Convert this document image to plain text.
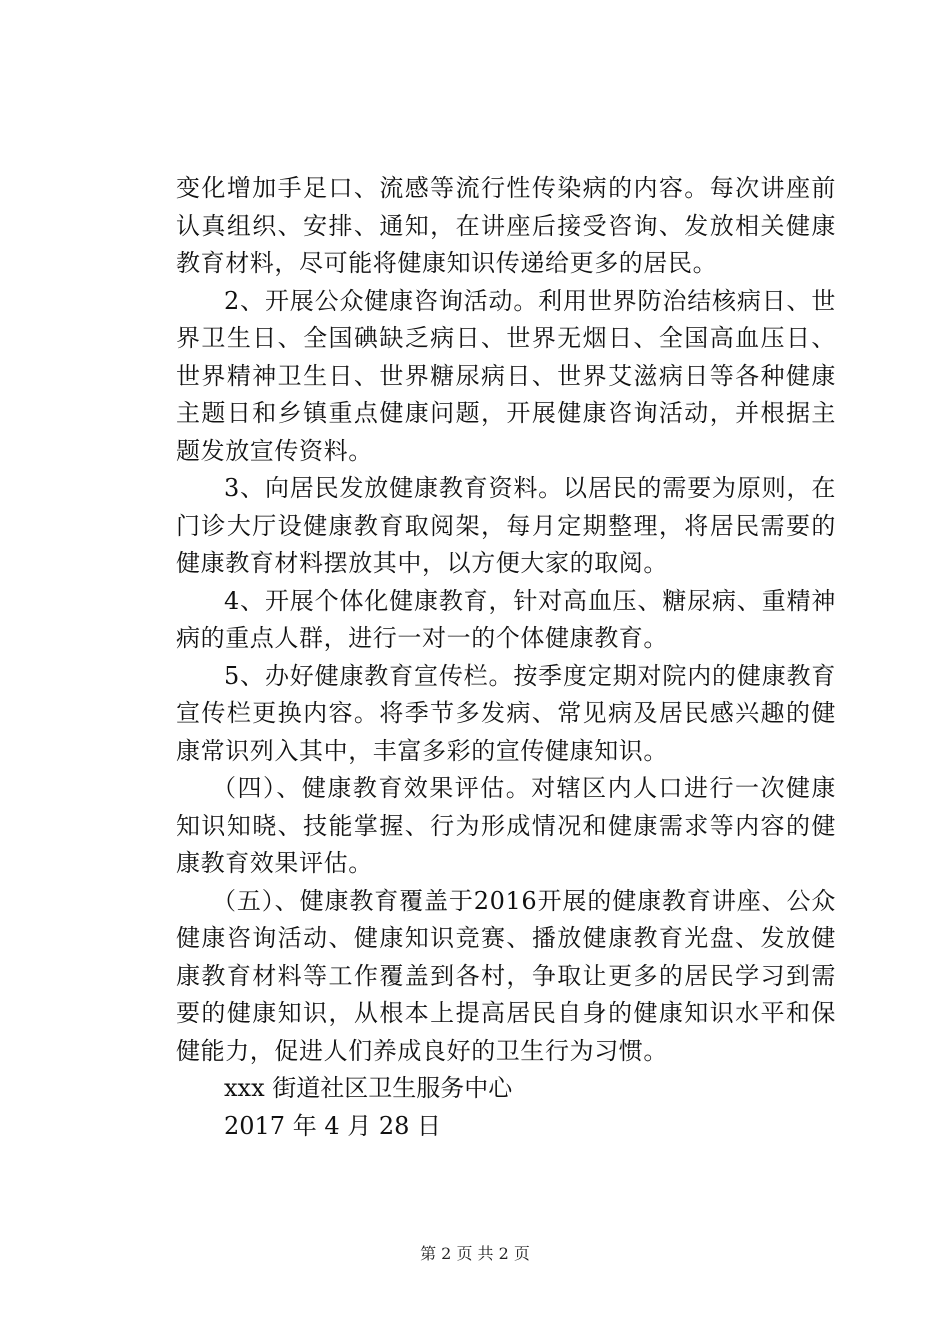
变化增加手足口、流感等流行性传染病的内容。每次讲座前认真组织、安排、通知，在讲座后接受咨询、发放相关健康教育材料，尽可能将健康知识传递给更多的居民。

2、开展公众健康咨询活动。利用世界防治结核病日、世界卫生日、全国碘缺乏病日、世界无烟日、全国高血压日、世界精神卫生日、世界糖尿病日、世界艾滋病日等各种健康主题日和乡镇重点健康问题，开展健康咨询活动，并根据主题发放宣传资料。

3、向居民发放健康教育资料。以居民的需要为原则，在门诊大厅设健康教育取阅架，每月定期整理，将居民需要的健康教育材料摆放其中，以方便大家的取阅。

4、开展个体化健康教育，针对高血压、糖尿病、重精神病的重点人群，进行一对一的个体健康教育。

5、办好健康教育宣传栏。按季度定期对院内的健康教育宣传栏更换内容。将季节多发病、常见病及居民感兴趣的健康常识列入其中，丰富多彩的宣传健康知识。

（四）、健康教育效果评估。对辖区内人口进行一次健康知识知晓、技能掌握、行为形成情况和健康需求等内容的健康教育效果评估。

（五）、健康教育覆盖于2016开展的健康教育讲座、公众健康咨询活动、健康知识竞赛、播放健康教育光盘、发放健康教育材料等工作覆盖到各村，争取让更多的居民学习到需要的健康知识，从根本上提高居民自身的健康知识水平和保健能力，促进人们养成良好的卫生行为习惯。

xxx 街道社区卫生服务中心

2017 年 4 月 28 日

第 2 页 共 2 页
